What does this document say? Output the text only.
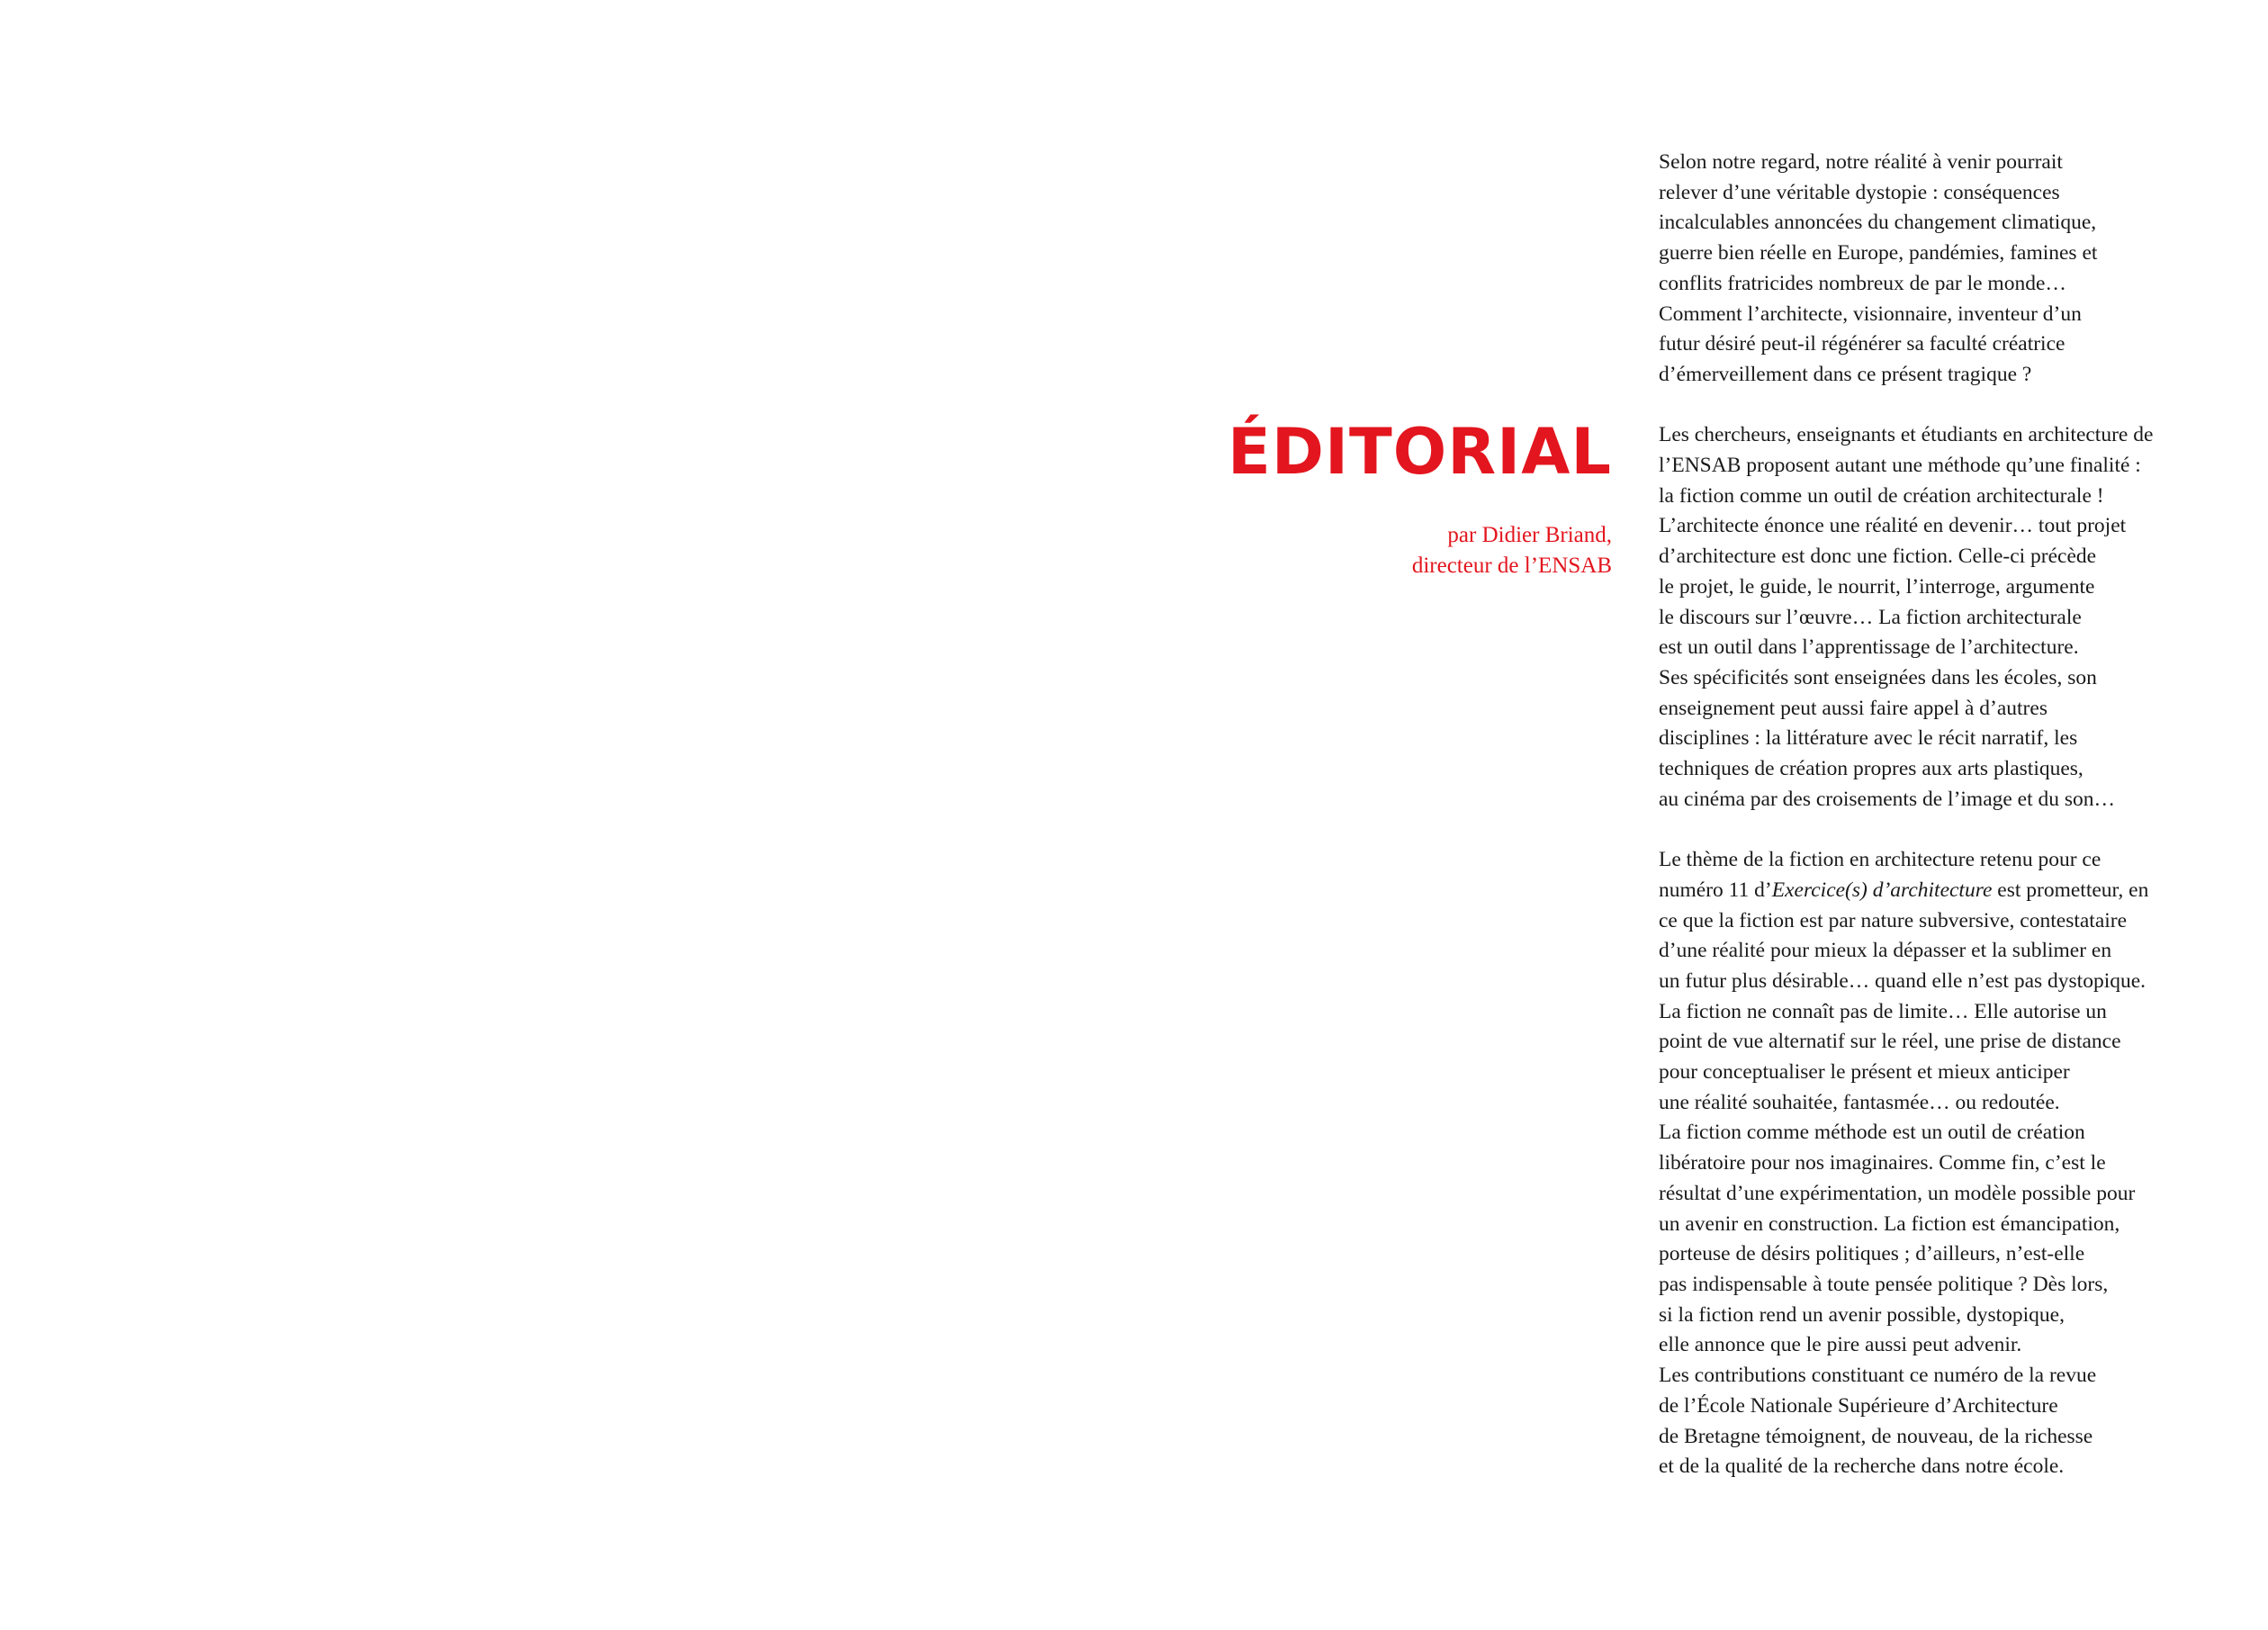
ÉDITORIAL
par Didier Briand,
directeur de l’ENSAB

Selon notre regard, notre réalité à venir pourrait
relever d’une véritable dystopie : conséquences
incalculables annoncées du changement climatique,
guerre bien réelle en Europe, pandémies, famines et
conflits fratricides nombreux de par le monde…
Comment l’architecte, visionnaire, inventeur d’un
futur désiré peut-il régénérer sa faculté créatrice
d’émerveillement dans ce présent tragique ?

Les chercheurs, enseignants et étudiants en architecture de
l’ENSAB proposent autant une méthode qu’une finalité :
la fiction comme un outil de création architecturale !
L’architecte énonce une réalité en devenir… tout projet
d’architecture est donc une fiction. Celle-ci précède
le projet, le guide, le nourrit, l’interroge, argumente
le discours sur l’œuvre… La fiction architecturale
est un outil dans l’apprentissage de l’architecture.
Ses spécificités sont enseignées dans les écoles, son
enseignement peut aussi faire appel à d’autres
disciplines : la littérature avec le récit narratif, les
techniques de création propres aux arts plastiques,
au cinéma par des croisements de l’image et du son…

Le thème de la fiction en architecture retenu pour ce
numéro 11 d’Exercice(s) d’architecture est prometteur, en
ce que la fiction est par nature subversive, contestataire
d’une réalité pour mieux la dépasser et la sublimer en
un futur plus désirable… quand elle n’est pas dystopique.
La fiction ne connaît pas de limite… Elle autorise un
point de vue alternatif sur le réel, une prise de distance
pour conceptualiser le présent et mieux anticiper
une réalité souhaitée, fantasmée… ou redoutée.
La fiction comme méthode est un outil de création
libératoire pour nos imaginaires. Comme fin, c’est le
résultat d’une expérimentation, un modèle possible pour
un avenir en construction. La fiction est émancipation,
porteuse de désirs politiques ; d’ailleurs, n’est-elle
pas indispensable à toute pensée politique ? Dès lors,
si la fiction rend un avenir possible, dystopique,
elle annonce que le pire aussi peut advenir.
Les contributions constituant ce numéro de la revue
de l’École Nationale Supérieure d’Architecture
de Bretagne témoignent, de nouveau, de la richesse
et de la qualité de la recherche dans notre école.
